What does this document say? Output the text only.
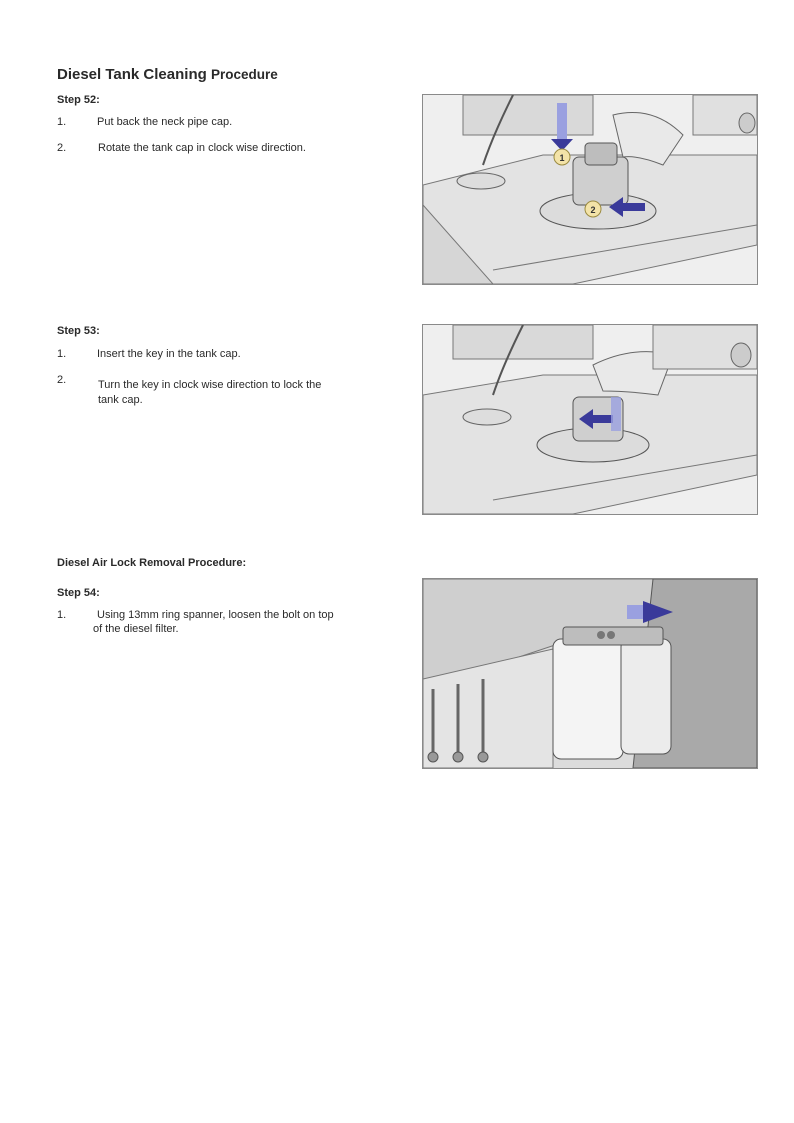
Diesel Tank Cleaning Procedure
Step 52:
1.	Put back the neck pipe cap.
2.	Rotate the tank cap in clock wise direction.
1
2
Step 53:
1.	Insert the key in the tank cap.
2.	Turn the key in clock wise direction to lock the
tank cap.
Diesel Air Lock Removal Procedure:
Step 54:
1.	Using 13mm ring spanner, loosen the bolt on top
of the diesel filter.
